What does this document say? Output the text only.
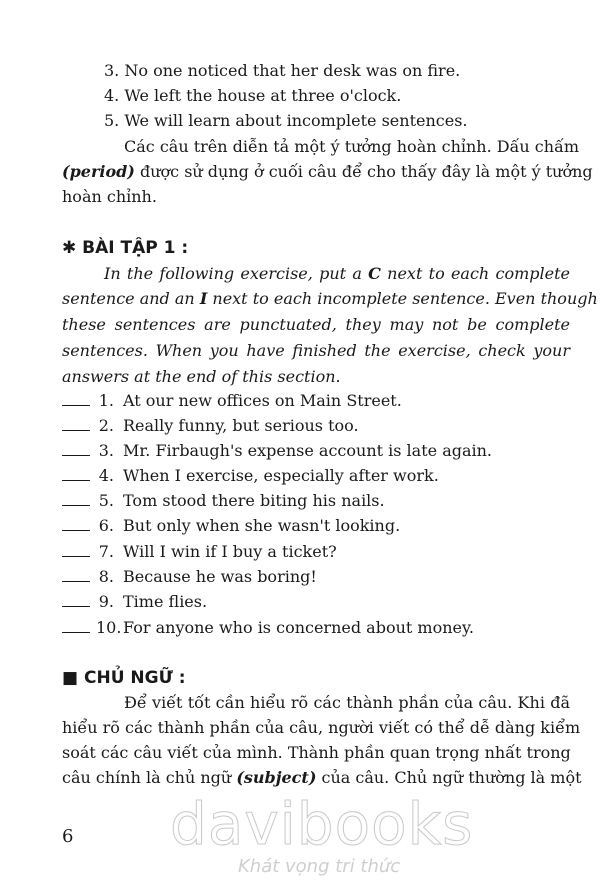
3. No one noticed that her desk was on fire.
4. We left the house at three o'clock.
5. We will learn about incomplete sentences.
Các câu trên diễn tả một ý tưởng hoàn chỉnh. Dấu chấm
(period) được sử dụng ở cuối câu để cho thấy đây là một ý tưởng
hoàn chỉnh.
✱ BÀI TẬP 1 :
In the following exercise, put a C next to each complete
sentence and an I next to each incomplete sentence. Even though
these sentences are punctuated, they may not be complete
sentences. When you have finished the exercise, check your
answers at the end of this section.
1. At our new offices on Main Street.
2. Really funny, but serious too.
3. Mr. Firbaugh's expense account is late again.
4. When I exercise, especially after work.
5. Tom stood there biting his nails.
6. But only when she wasn't looking.
7. Will I win if I buy a ticket?
8. Because he was boring!
9. Time flies.
10.For anyone who is concerned about money.
■ CHỦ NGỮ :
Để viết tốt cần hiểu rõ các thành phần của câu. Khi đã
hiểu rõ các thành phần của câu, người viết có thể dễ dàng kiểm
soát các câu viết của mình. Thành phần quan trọng nhất trong
câu chính là chủ ngữ (subject) của câu. Chủ ngữ thường là một
6 davibooks
Khát vọng tri thức
